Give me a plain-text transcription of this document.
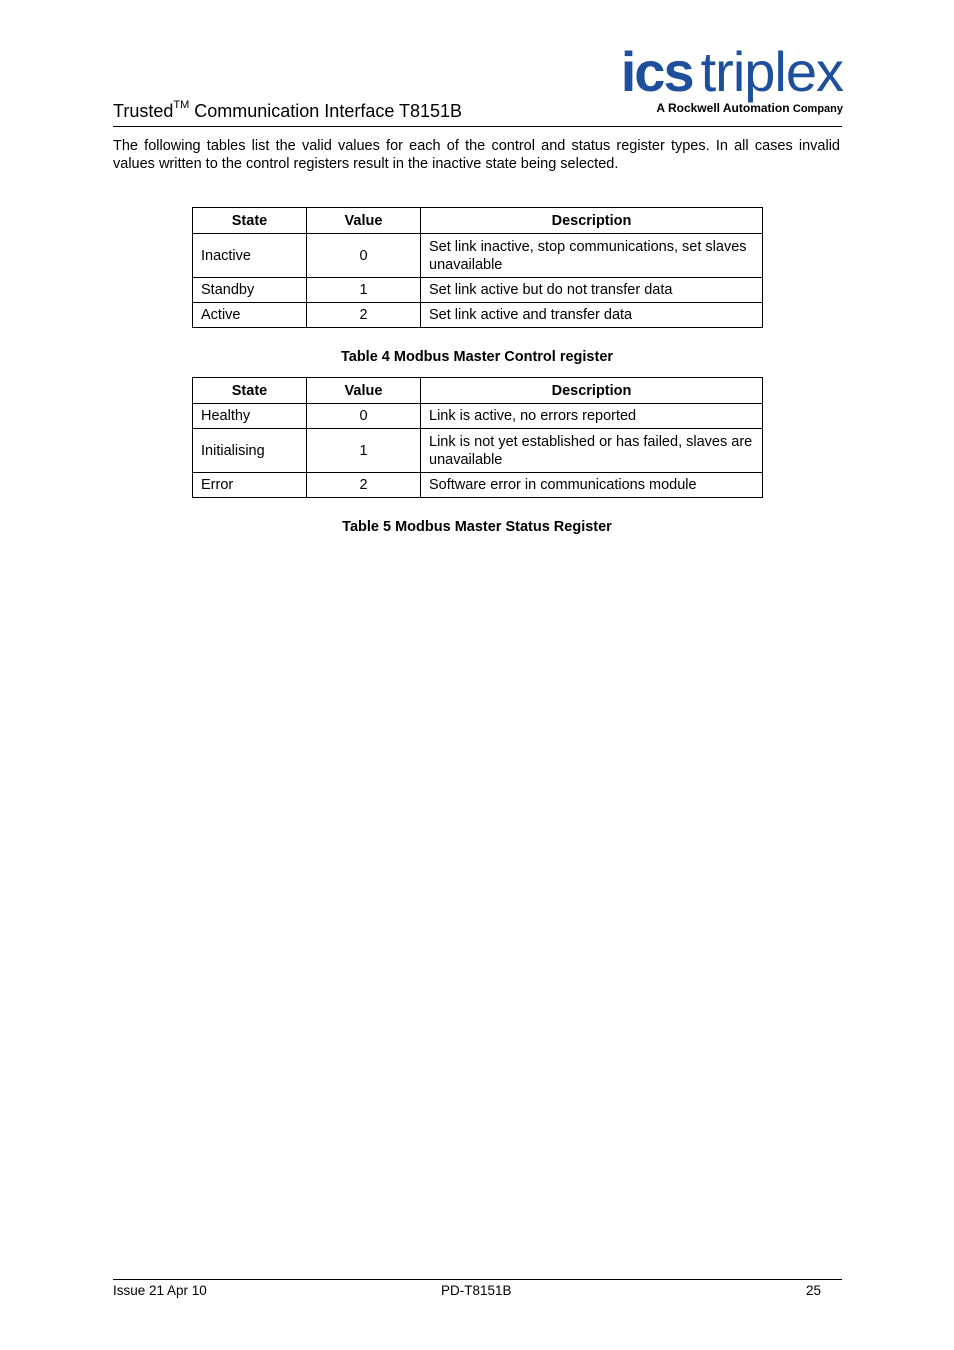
Trusted™ Communication Interface T8151B
ics triplex
A Rockwell Automation Company

The following tables list the valid values for each of the control and status register types. In all cases invalid values written to the control registers result in the inactive state being selected.

State	Value	Description
Inactive	0	Set link inactive, stop communications, set slaves unavailable
Standby	1	Set link active but do not transfer data
Active	2	Set link active and transfer data
Table 4 Modbus Master Control register
State	Value	Description
Healthy	0	Link is active, no errors reported
Initialising	1	Link is not yet established or has failed, slaves are unavailable
Error	2	Software error in communications module
Table 5 Modbus Master Status Register
Issue 21 Apr 10	PD-T8151B	25
